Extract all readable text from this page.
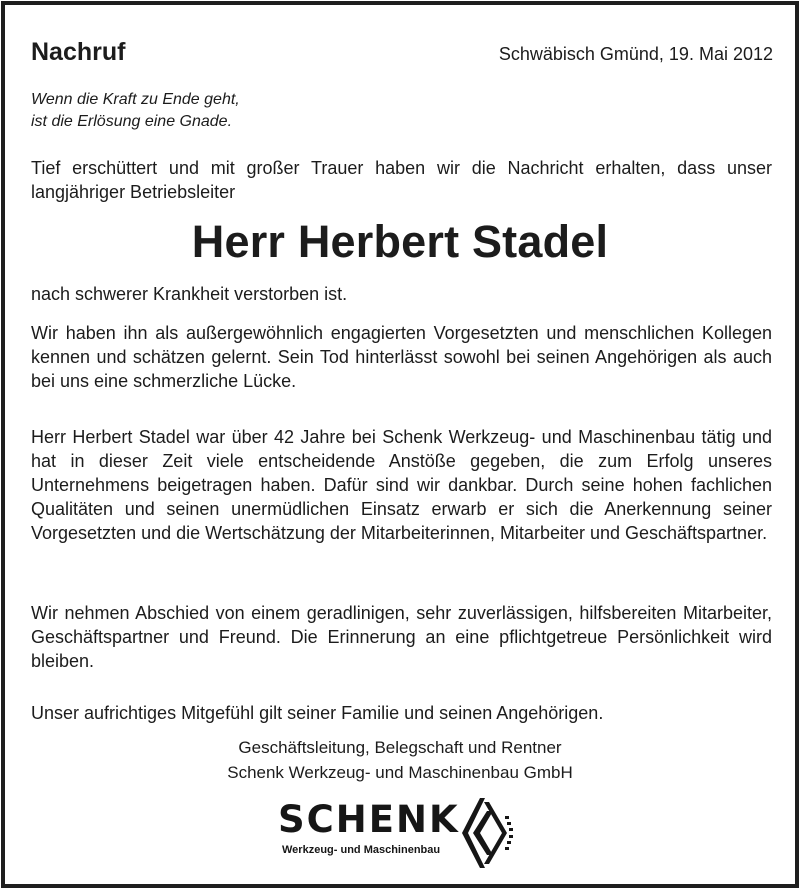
Nachruf	Schwäbisch Gmünd, 19. Mai 2012
Wenn die Kraft zu Ende geht,
ist die Erlösung eine Gnade.

Tief erschüttert und mit großer Trauer haben wir die Nachricht erhalten, dass unser langjähriger Betriebsleiter

Herr Herbert Stadel

nach schwerer Krankheit verstorben ist.

Wir haben ihn als außergewöhnlich engagierten Vorgesetzten und menschlichen Kollegen kennen und schätzen gelernt. Sein Tod hinterlässt sowohl bei seinen Angehörigen als auch bei uns eine schmerzliche Lücke.

Herr Herbert Stadel war über 42 Jahre bei Schenk Werkzeug- und Maschinenbau tätig und hat in dieser Zeit viele entscheidende Anstöße gegeben, die zum Erfolg unseres Unternehmens beigetragen haben. Dafür sind wir dankbar. Durch seine hohen fachlichen Qualitäten und seinen unermüdlichen Einsatz erwarb er sich die Anerkennung seiner Vorgesetzten und die Wertschätzung der Mitarbeiterinnen, Mitarbeiter und Geschäftspartner.

Wir nehmen Abschied von einem geradlinigen, sehr zuverlässigen, hilfsbereiten Mitarbeiter, Geschäftspartner und Freund. Die Erinnerung an eine pflichtgetreue Persönlichkeit wird bleiben.

Unser aufrichtiges Mitgefühl gilt seiner Familie und seinen Angehörigen.

Geschäftsleitung, Belegschaft und Rentner
Schenk Werkzeug- und Maschinenbau GmbH
SCHENK
Werkzeug- und Maschinenbau
